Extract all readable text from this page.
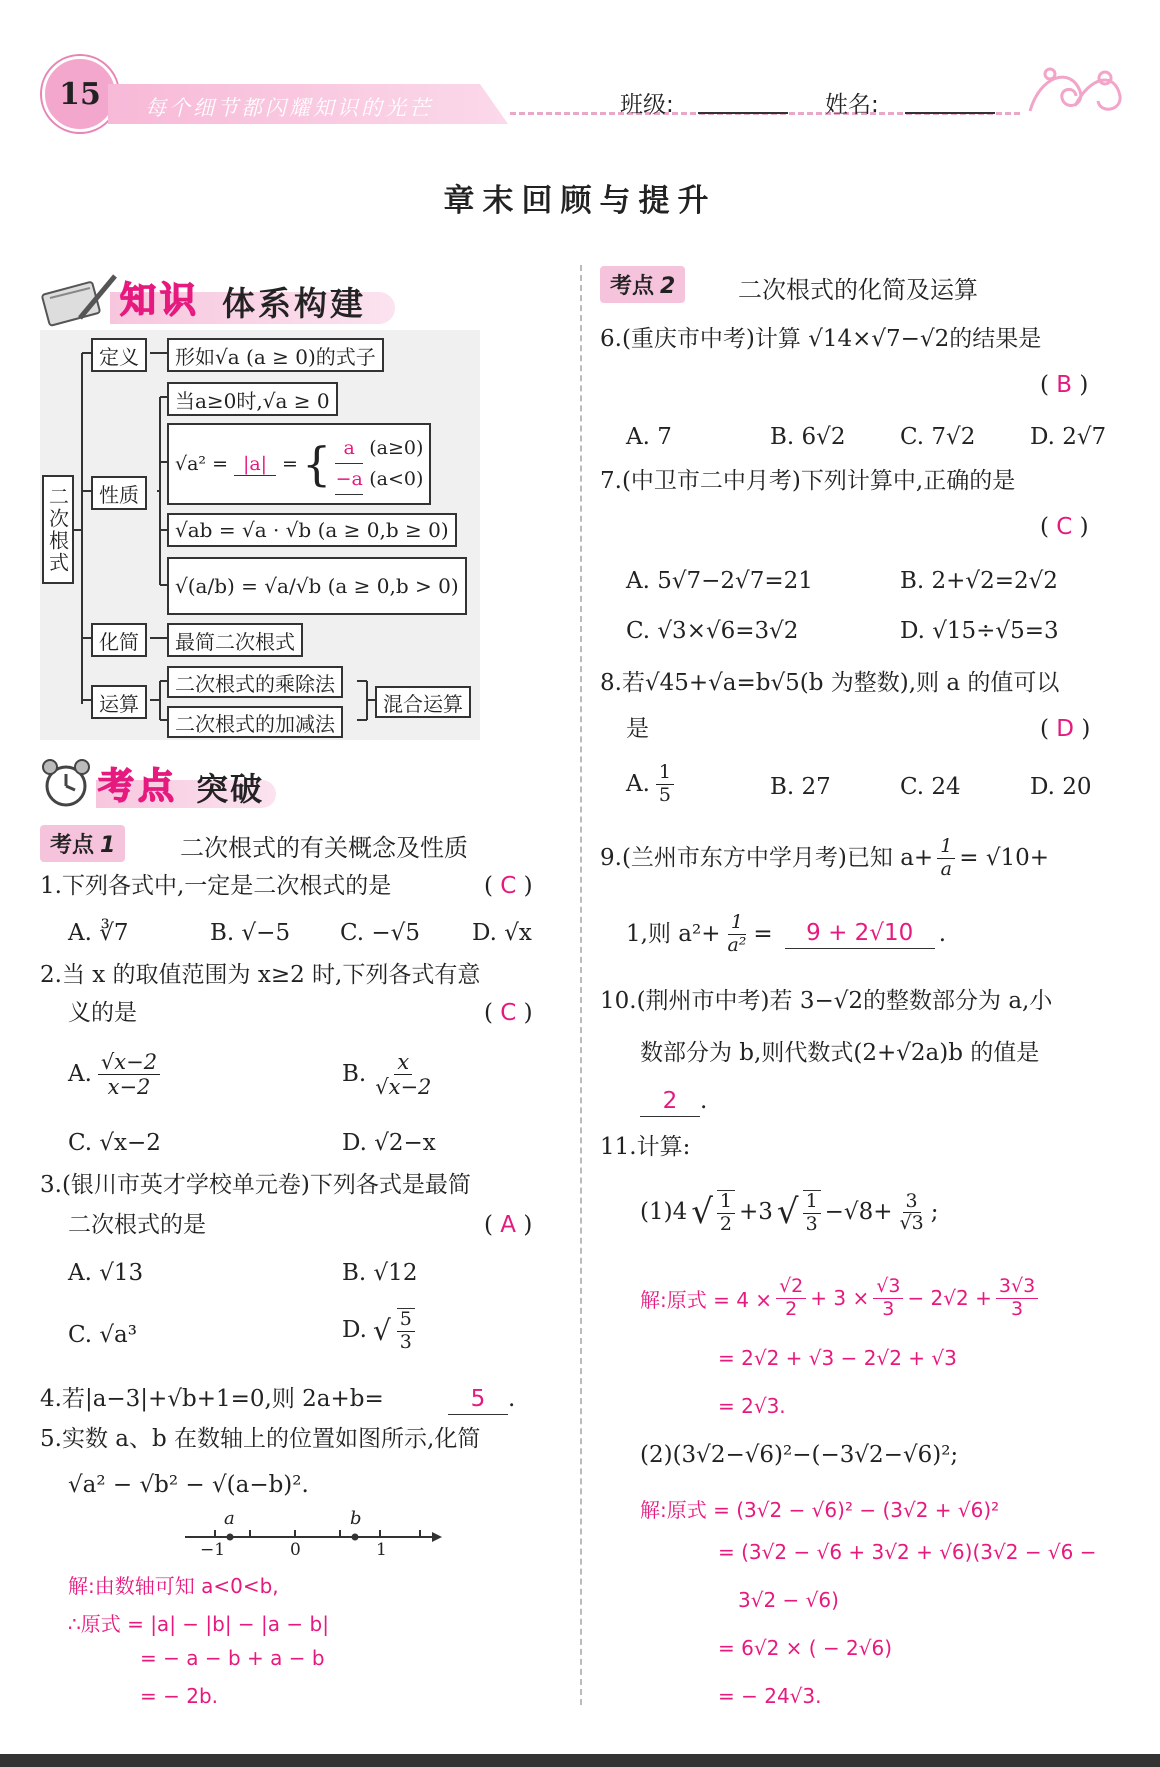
15 每个细节都闪耀知识的光芒	班级:	姓名:
章末回顾与提升
知识 体系构建
二次根式
定义 形如√a (a ≥ 0)的式子
性质
当a≥0时,√a ≥ 0
√a² = |a| = { a (a≥0)
−a (a<0)
√ab = √a · √b (a ≥ 0,b ≥ 0)
√(a/b) = √a/√b (a ≥ 0,b > 0)
化简 最简二次根式
运算
二次根式的乘除法
二次根式的加减法
混合运算
考点 突破
考点 1	二次根式的有关概念及性质
1.下列各式中,一定是二次根式的是	( C )
A. ∛7	B. √−5 C. −√5 D. √x
2.当 x 的取值范围为 x≥2 时,下列各式有意
义的是	( C )
A. $\frac{√x-2}{x-2}$	B. $\frac{x}{√x-2}$
C. √x−2	D. √2−x
3.(银川市英才学校单元卷)下列各式是最简
二次根式的是	( A )
A. √13	B. √12
C. √a³	D. √ $\frac{5}{3}$
4.若|a−3|+√b+1=0,则 2a+b=	5 .
5.实数 a、b 在数轴上的位置如图所示,化简
√a² − √b² − √(a−b)².
a	b
−1	0	1
解:由数轴可知 a<0<b,
∴原式 = |a| − |b| − |a − b|
= − a − b + a − b
= − 2b.
考点 2	二次根式的化简及运算
6.(重庆市中考)计算 √14×√7−√2的结果是
( B )
A. 7	B. 6√2 C. 7√2 D. 2√7
7.(中卫市二中月考)下列计算中,正确的是
( C )
A. 5√7−2√7=21	B. 2+√2=2√2
C. √3×√6=3√2	D. √15÷√5=3
8.若√45+√a=b√5(b 为整数),则 a 的值可以
是	( D )
A. $\frac{1}{5}$	B. 27	C. 24	D. 20
9.(兰州市东方中学月考)已知 $a+ \frac{1}{a} = √10+$
1,则 $a^2+ \frac{1}{\text{a²}}$ =	9 + 2√10	.
10.(荆州市中考)若 3−√2的整数部分为 a,小
数部分为 b,则代数式(2+√2a)b 的值是
2 .
11.计算:
(1)4 √ $\frac{1}{2} +3$ √ $\frac{1}{3} -√8+ \frac{3}{√3}$ ;
解:原式 = $4 \times \frac{√2}{2} + 3 \times \frac{√3}{3} - 2√2 + \frac{3√3}{3}$
= 2√2 + √3 − 2√2 + √3
= 2√3.
(2)(3√2−√6)²−(−3√2−√6)²;
解:原式 = (3√2 − √6)² − (3√2 + √6)²
= (3√2 − √6 + 3√2 + √6)(3√2 − √6 −
3√2 − √6)
= 6√2 × ( − 2√6)
= − 24√3.
